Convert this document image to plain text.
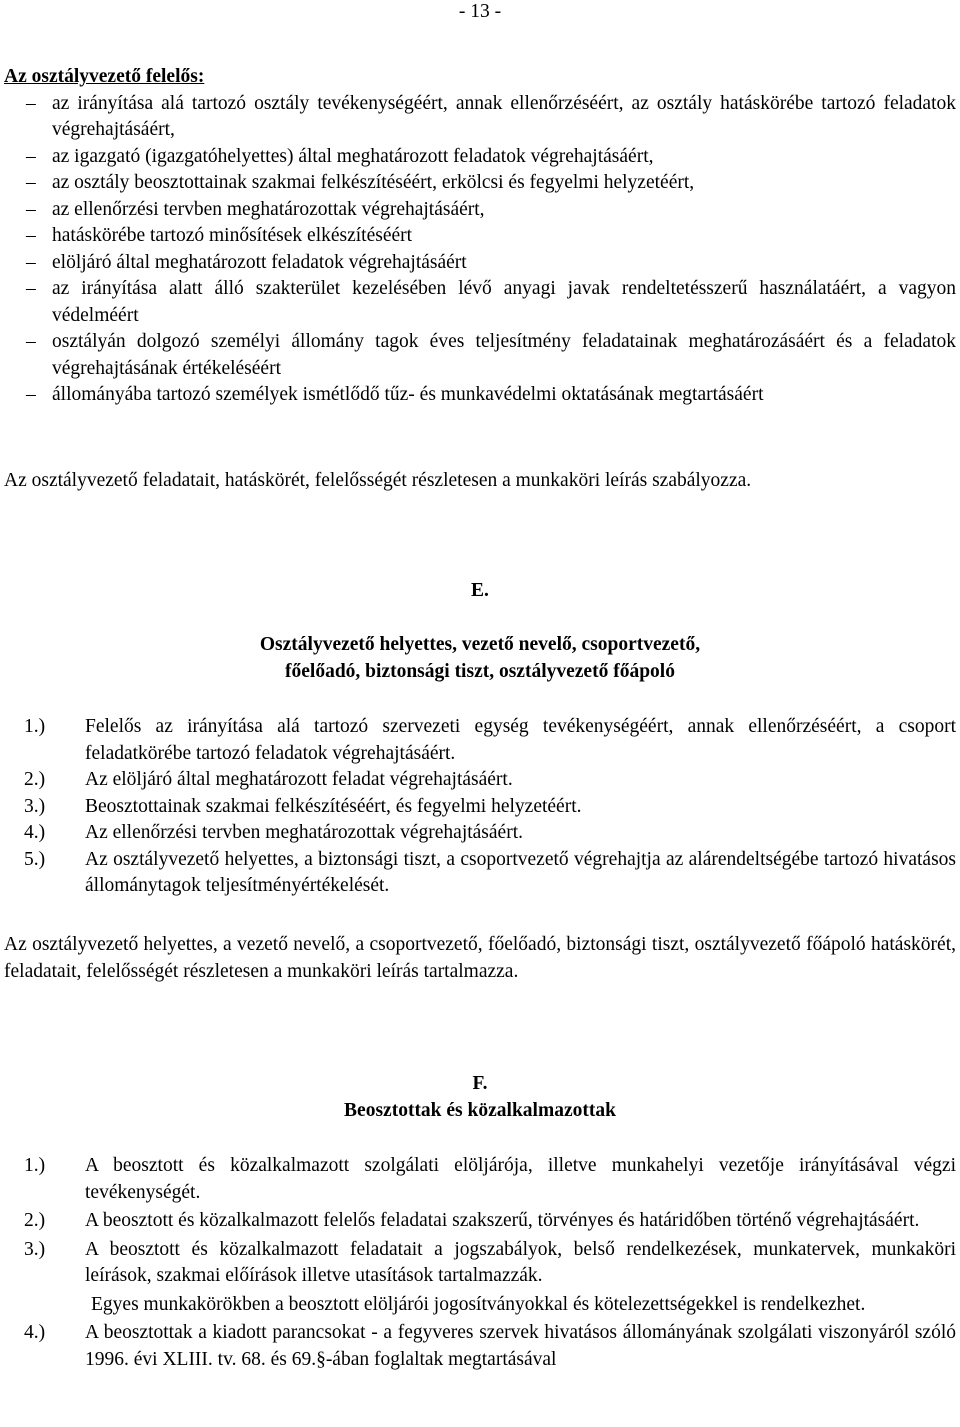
- 13 -
Az osztályvezető felelős:
– az irányítása alá tartozó osztály tevékenységéért, annak ellenőrzéséért, az osztály hatáskörébe tartozó feladatok végrehajtásáért,
– az igazgató (igazgatóhelyettes) által meghatározott feladatok végrehajtásáért,
– az osztály beosztottainak szakmai felkészítéséért, erkölcsi és fegyelmi helyzetéért,
– az ellenőrzési tervben meghatározottak végrehajtásáért,
– hatáskörébe tartozó minősítések elkészítéséért
– elöljáró által meghatározott feladatok végrehajtásáért
– az irányítása alatt álló szakterület kezelésében lévő anyagi javak rendeltetésszerű használatáért, a vagyon védelméért
– osztályán dolgozó személyi állomány tagok éves teljesítmény feladatainak meghatározásáért és a feladatok végrehajtásának értékeléséért
– állományába tartozó személyek ismétlődő tűz- és munkavédelmi oktatásának megtartásáért
Az osztályvezető feladatait, hatáskörét, felelősségét részletesen a munkaköri leírás szabályozza.
E.
Osztályvezető helyettes, vezető nevelő, csoportvezető,
főelőadó, biztonsági tiszt, osztályvezető főápoló
1.) Felelős az irányítása alá tartozó szervezeti egység tevékenységéért, annak ellenőrzéséért, a csoport feladatkörébe tartozó feladatok végrehajtásáért.
2.) Az elöljáró által meghatározott feladat végrehajtásáért.
3.) Beosztottainak szakmai felkészítéséért, és fegyelmi helyzetéért.
4.) Az ellenőrzési tervben meghatározottak végrehajtásáért.
5.) Az osztályvezető helyettes, a biztonsági tiszt, a csoportvezető végrehajtja az alárendeltségébe tartozó hivatásos állománytagok teljesítményértékelését.
Az osztályvezető helyettes, a vezető nevelő, a csoportvezető, főelőadó, biztonsági tiszt, osztályvezető főápoló hatáskörét, feladatait, felelősségét részletesen a munkaköri leírás tartalmazza.
F.
Beosztottak és közalkalmazottak
1.) A beosztott és közalkalmazott szolgálati elöljárója, illetve munkahelyi vezetője irányításával végzi tevékenységét.
2.) A beosztott és közalkalmazott felelős feladatai szakszerű, törvényes és határidőben történő végrehajtásáért.
3.) A beosztott és közalkalmazott feladatait a jogszabályok, belső rendelkezések, munkatervek, munkaköri leírások, szakmai előírások illetve utasítások tartalmazzák.
Egyes munkakörökben a beosztott elöljárói jogosítványokkal és kötelezettségekkel is rendelkezhet.
4.) A beosztottak a kiadott parancsokat - a fegyveres szervek hivatásos állományának szolgálati viszonyáról szóló 1996. évi XLIII. tv. 68. és 69.§-ában foglaltak megtartásával
